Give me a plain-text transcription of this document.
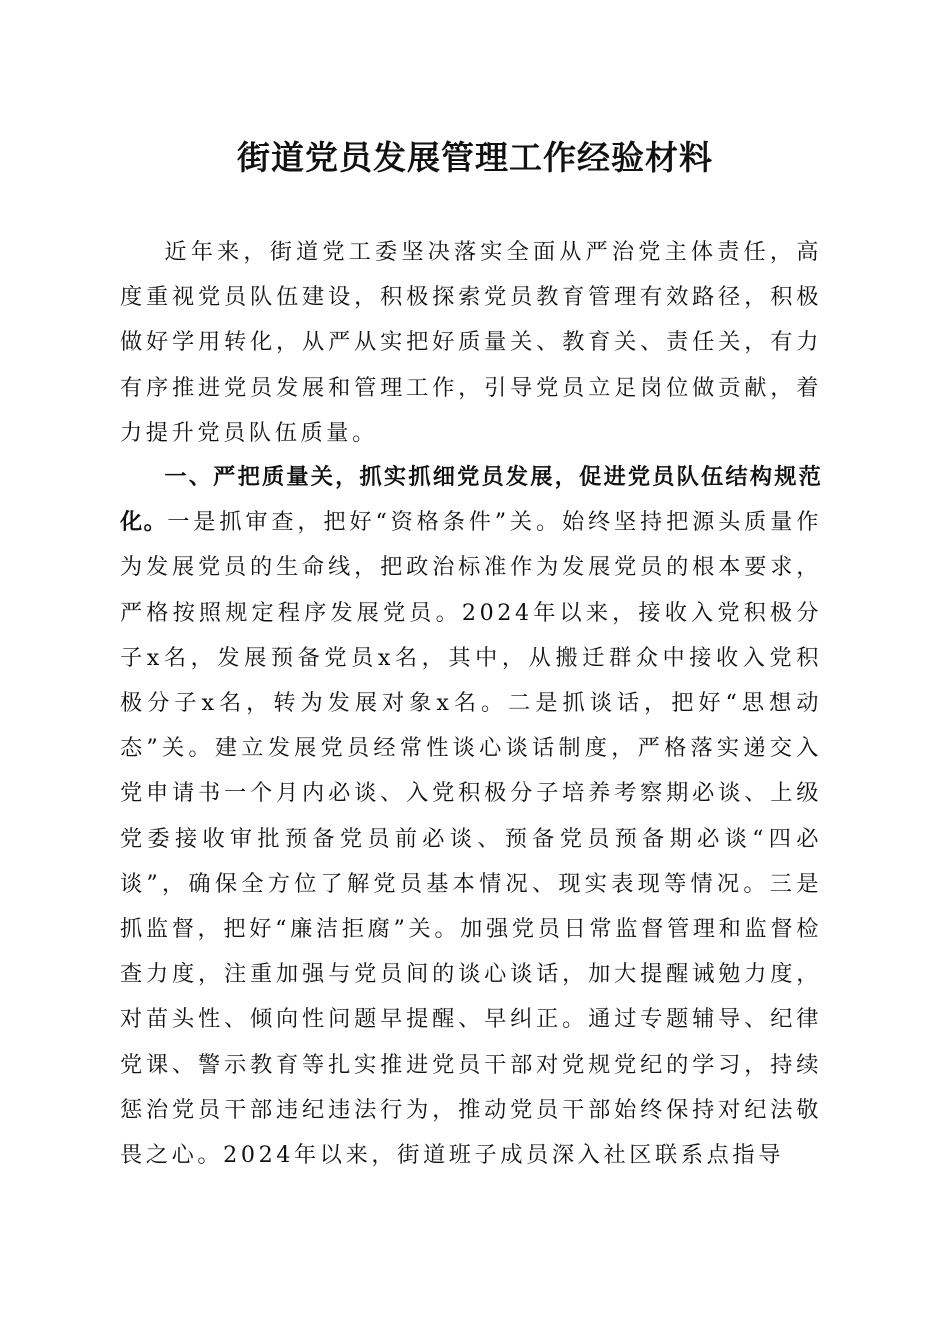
街道党员发展管理工作经验材料

近年来，街道党工委坚决落实全面从严治党主体责任，高度重视党员队伍建设，积极探索党员教育管理有效路径，积极做好学用转化，从严从实把好质量关、教育关、责任关，有力有序推进党员发展和管理工作，引导党员立足岗位做贡献，着力提升党员队伍质量。

一、严把质量关，抓实抓细党员发展，促进党员队伍结构规范化。一是抓审查，把好“资格条件”关。始终坚持把源头质量作为发展党员的生命线，把政治标准作为发展党员的根本要求，严格按照规定程序发展党员。2024年以来，接收入党积极分子x名，发展预备党员x名，其中，从搬迁群众中接收入党积极分子x名，转为发展对象x名。二是抓谈话，把好“思想动态”关。建立发展党员经常性谈心谈话制度，严格落实递交入党申请书一个月内必谈、入党积极分子培养考察期必谈、上级党委接收审批预备党员前必谈、预备党员预备期必谈“四必谈”，确保全方位了解党员基本情况、现实表现等情况。三是抓监督，把好“廉洁拒腐”关。加强党员日常监督管理和监督检查力度，注重加强与党员间的谈心谈话，加大提醒诫勉力度，对苗头性、倾向性问题早提醒、早纠正。通过专题辅导、纪律党课、警示教育等扎实推进党员干部对党规党纪的学习，持续惩治党员干部违纪违法行为，推动党员干部始终保持对纪法敬畏之心。2024年以来，街道班子成员深入社区联系点指导
